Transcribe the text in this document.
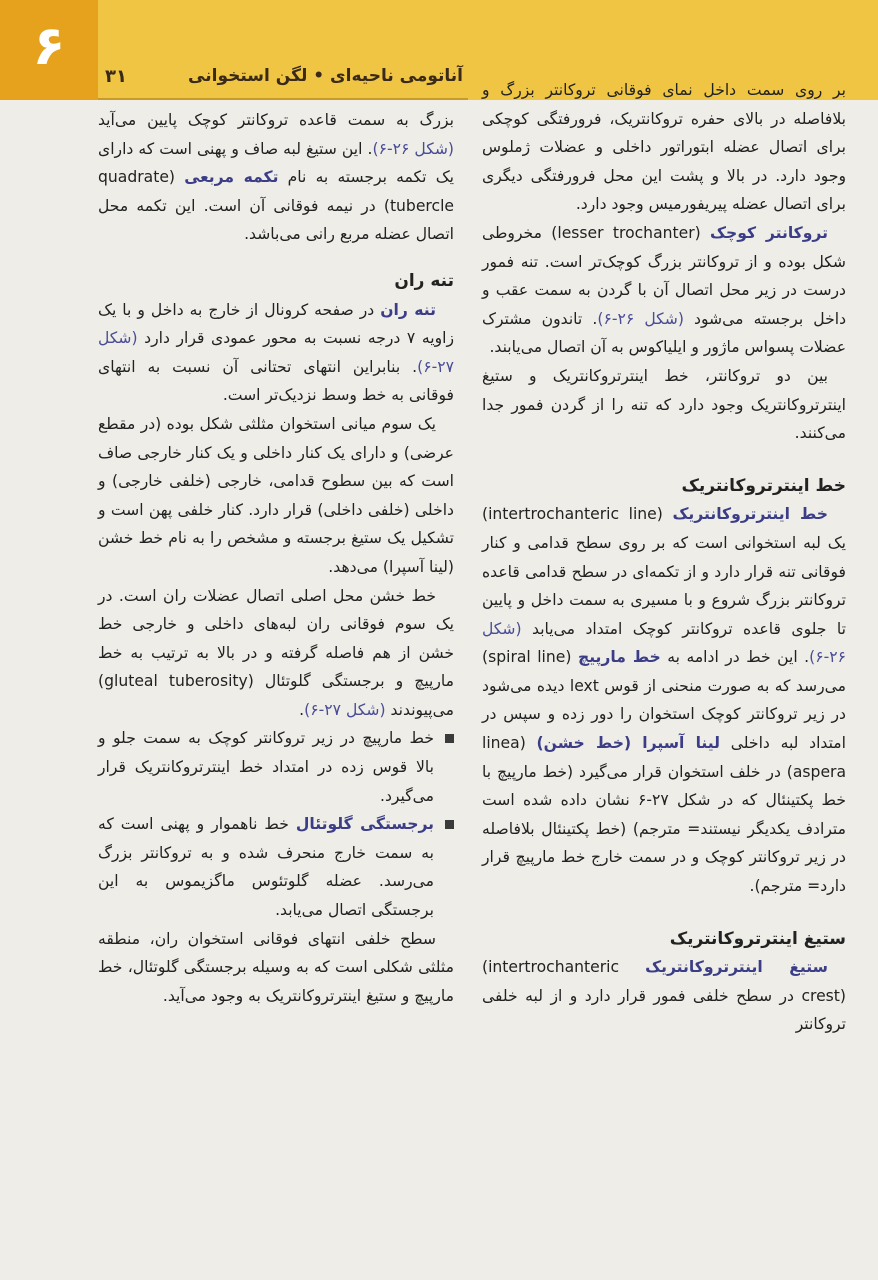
۶	۳۱	آناتومی ناحیه‌ای • لگن استخوانی

بر روی سمت داخل نمای فوقانی تروکانتر بزرگ و بلافاصله در بالای حفره تروکانتریک، فرورفتگی کوچکی برای اتصال عضله ابتوراتور داخلی و عضلات ژملوس وجود دارد. در بالا و پشت این محل فرورفتگی دیگری برای اتصال عضله پیریفورمیس وجود دارد.

تروکانتر کوچک (lesser trochanter) مخروطی شکل بوده و از تروکانتر بزرگ کوچک‌تر است. تنه فمور درست در زیر محل اتصال آن با گردن به سمت عقب و داخل برجسته می‌شود (شکل ۲۶-۶). تاندون مشترک عضلات پسواس ماژور و ایلیاکوس به آن اتصال می‌یابند.

بین دو تروکانتر، خط اینترتروکانتریک و ستیغ اینترتروکانتریک وجود دارد که تنه را از گردن فمور جدا می‌کنند.

خط اینترتروکانتریک

خط اینترتروکانتریک (intertrochanteric line) یک لبه استخوانی است که بر روی سطح قدامی و کنار فوقانی تنه قرار دارد و از تکمه‌ای در سطح قدامی قاعده تروکانتر بزرگ شروع و با مسیری به سمت داخل و پایین تا جلوی قاعده تروکانتر کوچک امتداد می‌یابد (شکل ۲۶-۶). این خط در ادامه به خط مارپیچ (spiral line) می‌رسد که به صورت منحنی از قوس lext دیده می‌شود در زیر تروکانتر کوچک استخوان را دور زده و سپس در امتداد لبه داخلی لینا آسپرا (خط خشن) (linea aspera) در خلف استخوان قرار می‌گیرد (خط مارپیچ با خط پکتینئال که در شکل ۲۷-۶ نشان داده شده است مترادف یکدیگر نیستند= مترجم) (خط پکتینئال بلافاصله در زیر تروکانتر کوچک و در سمت خارج خط مارپیچ قرار دارد= مترجم).

ستیغ اینترتروکانتریک

ستیغ اینترتروکانتریک (intertrochanteric crest) در سطح خلفی فمور قرار دارد و از لبه خلفی تروکانتر

بزرگ به سمت قاعده تروکانتر کوچک پایین می‌آید (شکل ۲۶-۶). این ستیغ لبه صاف و پهنی است که دارای یک تکمه برجسته به نام تکمه مربعی (quadrate tubercle) در نیمه فوقانی آن است. این تکمه محل اتصال عضله مربع رانی می‌باشد.

تنه ران

تنه ران در صفحه کرونال از خارج به داخل و با یک زاویه ۷ درجه نسبت به محور عمودی قرار دارد (شکل ۲۷-۶). بنابراین انتهای تحتانی آن نسبت به انتهای فوقانی به خط وسط نزدیک‌تر است.

یک سوم میانی استخوان مثلثی شکل بوده (در مقطع عرضی) و دارای یک کنار داخلی و یک کنار خارجی صاف است که بین سطوح قدامی، خارجی (خلفی خارجی) و داخلی (خلفی داخلی) قرار دارد. کنار خلفی پهن است و تشکیل یک ستیغ برجسته و مشخص را به نام خط خشن (لینا آسپرا) می‌دهد.

خط خشن محل اصلی اتصال عضلات ران است. در یک سوم فوقانی ران لبه‌های داخلی و خارجی خط خشن از هم فاصله گرفته و در بالا به ترتیب به خط مارپیچ و برجستگی گلوتئال (gluteal tuberosity) می‌پیوندند (شکل ۲۷-۶).

خط مارپیچ در زیر تروکانتر کوچک به سمت جلو و بالا قوس زده در امتداد خط اینترتروکانتریک قرار می‌گیرد.

برجستگی گلوتئال خط ناهموار و پهنی است که به سمت خارج منحرف شده و به تروکانتر بزرگ می‌رسد. عضله گلوتئوس ماگزیموس به این برجستگی اتصال می‌یابد.

سطح خلفی انتهای فوقانی استخوان ران، منطقه مثلثی شکلی است که به وسیله برجستگی گلوتئال، خط مارپیچ و ستیغ اینترتروکانتریک به وجود می‌آید.
